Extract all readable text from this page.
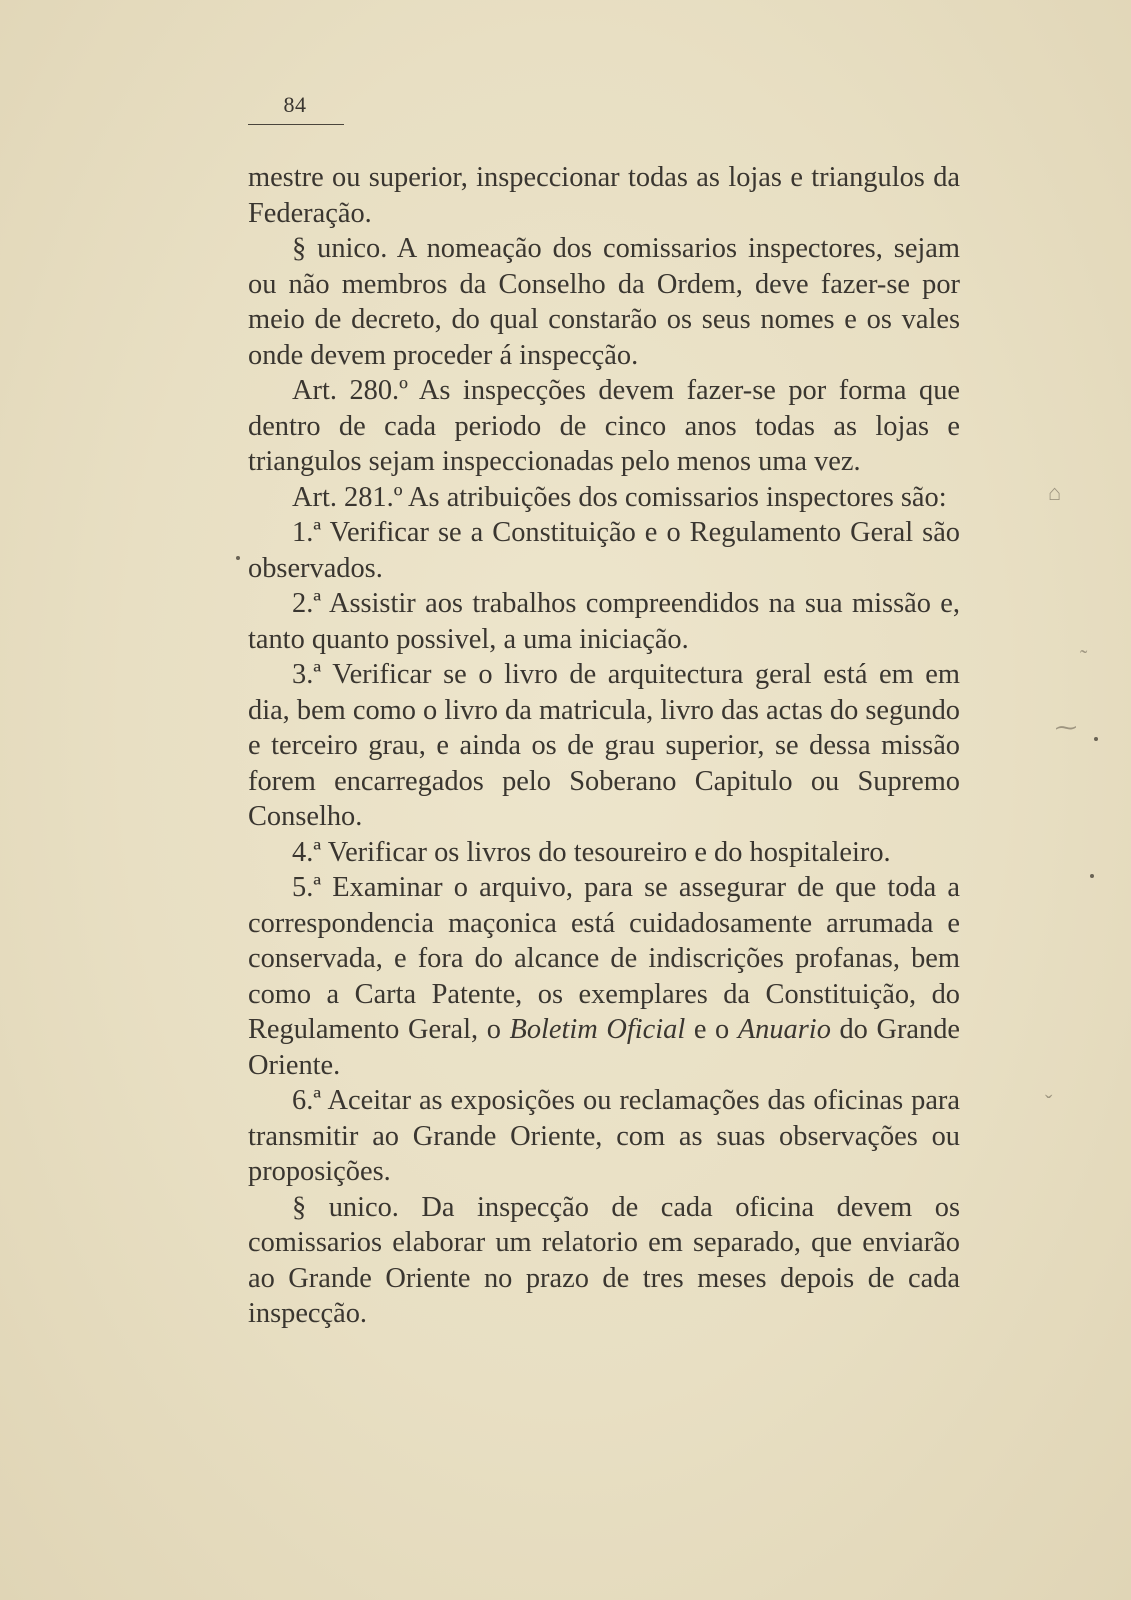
84

mestre ou superior, inspeccionar todas as lojas e triangulos da Federação.

§ unico. A nomeação dos comissarios inspectores, sejam ou não membros da Conselho da Ordem, deve fazer-se por meio de decreto, do qual constarão os seus nomes e os vales onde devem proceder á inspecção.

Art. 280.º As inspecções devem fazer-se por forma que dentro de cada periodo de cinco anos todas as lojas e triangulos sejam inspeccionadas pelo menos uma vez.

Art. 281.º As atribuições dos comissarios inspectores são:

1.ª Verificar se a Constituição e o Regulamento Geral são observados.

2.ª Assistir aos trabalhos compreendidos na sua missão e, tanto quanto possivel, a uma iniciação.

3.ª Verificar se o livro de arquitectura geral está em em dia, bem como o livro da matricula, livro das actas do segundo e terceiro grau, e ainda os de grau superior, se dessa missão forem encarregados pelo Soberano Capitulo ou Supremo Conselho.

4.ª Verificar os livros do tesoureiro e do hospitaleiro.

5.ª Examinar o arquivo, para se assegurar de que toda a correspondencia maçonica está cuidadosamente arrumada e conservada, e fora do alcance de indiscrições profanas, bem como a Carta Patente, os exemplares da Constituição, do Regulamento Geral, o Boletim Oficial e o Anuario do Grande Oriente.

6.ª Aceitar as exposições ou reclamações das oficinas para transmitir ao Grande Oriente, com as suas observações ou proposições.

§ unico. Da inspecção de cada oficina devem os comissarios elaborar um relatorio em separado, que enviarão ao Grande Oriente no prazo de tres meses depois de cada inspecção.

⌂
˜
⁓
ˇ
